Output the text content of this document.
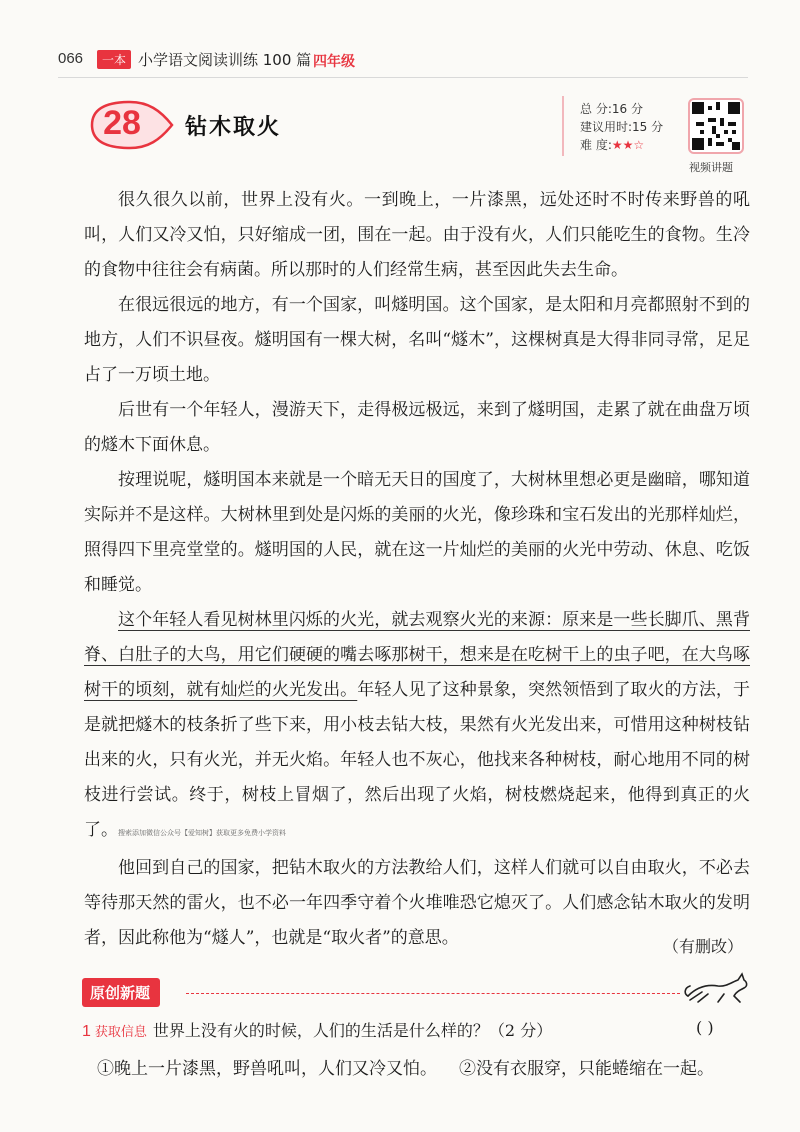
066	一本 小学语文阅读训练 100 篇 ·
四年级
28	钻木取火
总 分:16 分
建议用时:15 分
难 度:★★☆
视频讲题

很久很久以前，世界上没有火。一到晚上，一片漆黑，远处还时不时传来野兽的吼叫，人们又冷又怕，只好缩成一团，围在一起。由于没有火，人们只能吃生的食物。生冷的食物中往往会有病菌。所以那时的人们经常生病，甚至因此失去生命。

在很远很远的地方，有一个国家，叫燧明国。这个国家，是太阳和月亮都照射不到的地方，人们不识昼夜。燧明国有一棵大树，名叫“燧木”，这棵树真是大得非同寻常，足足占了一万顷土地。

后世有一个年轻人，漫游天下，走得极远极远，来到了燧明国，走累了就在曲盘万顷的燧木下面休息。

按理说呢，燧明国本来就是一个暗无天日的国度了，大树林里想必更是幽暗，哪知道实际并不是这样。大树林里到处是闪烁的美丽的火光，像珍珠和宝石发出的光那样灿烂，照得四下里亮堂堂的。燧明国的人民，就在这一片灿烂的美丽的火光中劳动、休息、吃饭和睡觉。

这个年轻人看见树林里闪烁的火光，就去观察火光的来源：原来是一些长脚爪、黑背脊、白肚子的大鸟，用它们硬硬的嘴去啄那树干，想来是在吃树干上的虫子吧，在大鸟啄树干的顷刻，就有灿烂的火光发出。年轻人见了这种景象，突然领悟到了取火的方法，于是就把燧木的枝条折了些下来，用小枝去钻大枝，果然有火光发出来，可惜用这种树枝钻出来的火，只有火光，并无火焰。年轻人也不灰心，他找来各种树枝，耐心地用不同的树枝进行尝试。终于，树枝上冒烟了，然后出现了火焰，树枝燃烧起来，他得到真正的火了。搜索添加微信公众号【爱知树】获取更多免费小学资料

他回到自己的国家，把钻木取火的方法教给人们，这样人们就可以自由取火，不必去等待那天然的雷火，也不必一年四季守着个火堆唯恐它熄灭了。人们感念钻木取火的发明者，因此称他为“燧人”，也就是“取火者”的意思。	（有删改）
原创新题
1 获取信息 世界上没有火的时候，人们的生活是什么样的？（2 分）	( )
①晚上一片漆黑，野兽吼叫，人们又冷又怕。 ②没有衣服穿，只能蜷缩在一起。
